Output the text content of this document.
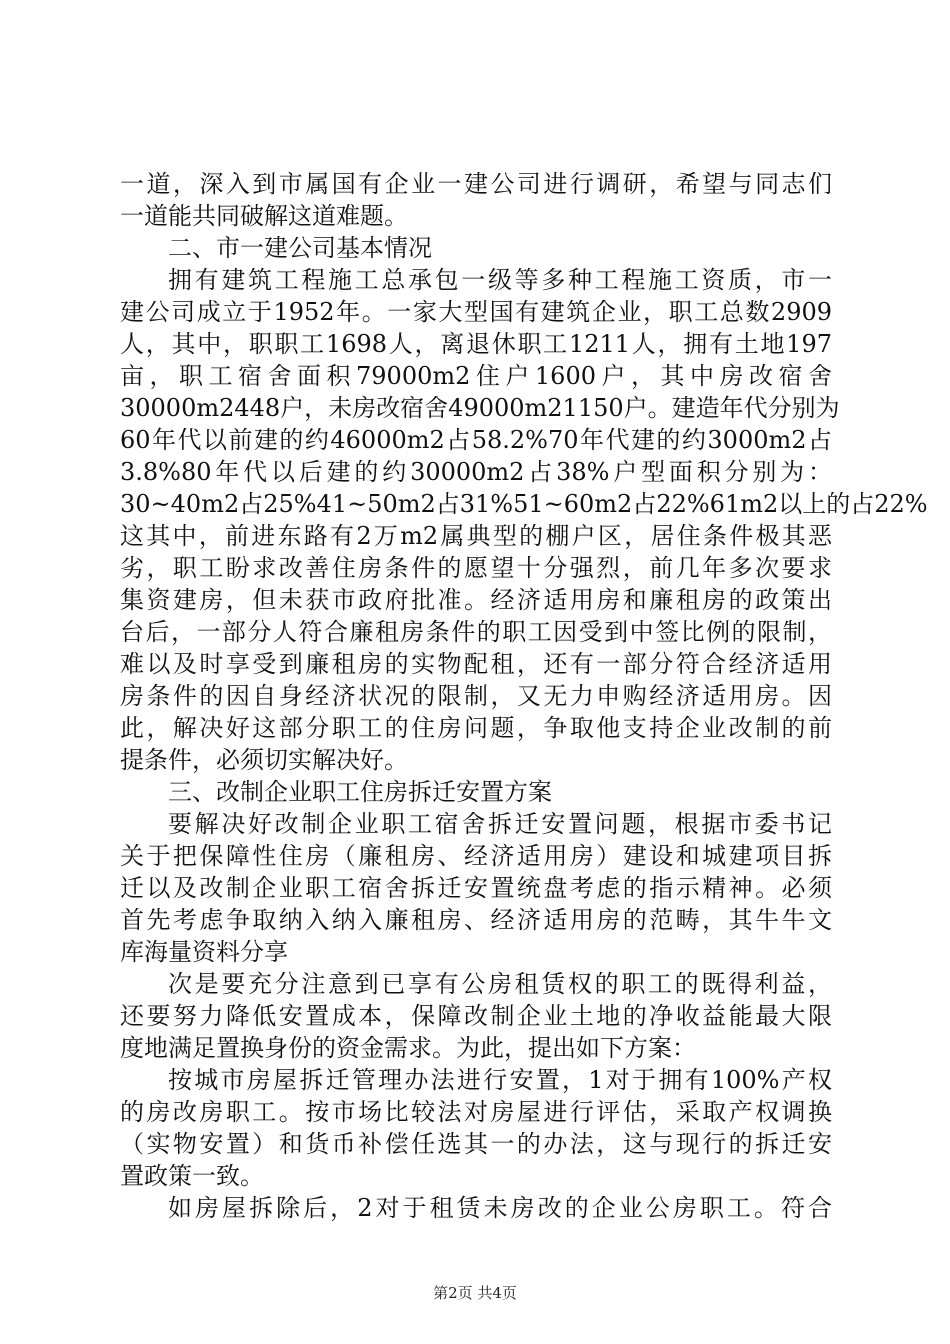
一道，深入到市属国有企业一建公司进行调研，希望与同志们
一道能共同破解这道难题。
二、市一建公司基本情况
拥有建筑工程施工总承包一级等多种工程施工资质，市一
建公司成立于1952年。一家大型国有建筑企业，职工总数2909
人，其中，职职工1698人，离退休职工1211人，拥有土地197
亩，职工宿舍面积79000m2住户1600户，其中房改宿舍
30000m2448户，未房改宿舍49000m21150户。建造年代分别为
60年代以前建的约46000m2占58.2%70年代建的约3000m2占
3.8%80年代以后建的约30000m2占38%户型面积分别为：
30~40m2占25%41~50m2占31%51~60m2占22%61m2以上的占22%
这其中，前进东路有2万m2属典型的棚户区，居住条件极其恶
劣，职工盼求改善住房条件的愿望十分强烈，前几年多次要求
集资建房，但未获市政府批准。经济适用房和廉租房的政策出
台后，一部分人符合廉租房条件的职工因受到中签比例的限制，
难以及时享受到廉租房的实物配租，还有一部分符合经济适用
房条件的因自身经济状况的限制，又无力申购经济适用房。因
此，解决好这部分职工的住房问题，争取他支持企业改制的前
提条件，必须切实解决好。
三、改制企业职工住房拆迁安置方案
要解决好改制企业职工宿舍拆迁安置问题，根据市委书记
关于把保障性住房（廉租房、经济适用房）建设和城建项目拆
迁以及改制企业职工宿舍拆迁安置统盘考虑的指示精神。必须
首先考虑争取纳入纳入廉租房、经济适用房的范畴，其牛牛文
库海量资料分享
次是要充分注意到已享有公房租赁权的职工的既得利益，
还要努力降低安置成本，保障改制企业土地的净收益能最大限
度地满足置换身份的资金需求。为此，提出如下方案：
按城市房屋拆迁管理办法进行安置，1对于拥有100%产权
的房改房职工。按市场比较法对房屋进行评估，采取产权调换
（实物安置）和货币补偿任选其一的办法，这与现行的拆迁安
置政策一致。
如房屋拆除后，2对于租赁未房改的企业公房职工。符合
第2页 共4页
